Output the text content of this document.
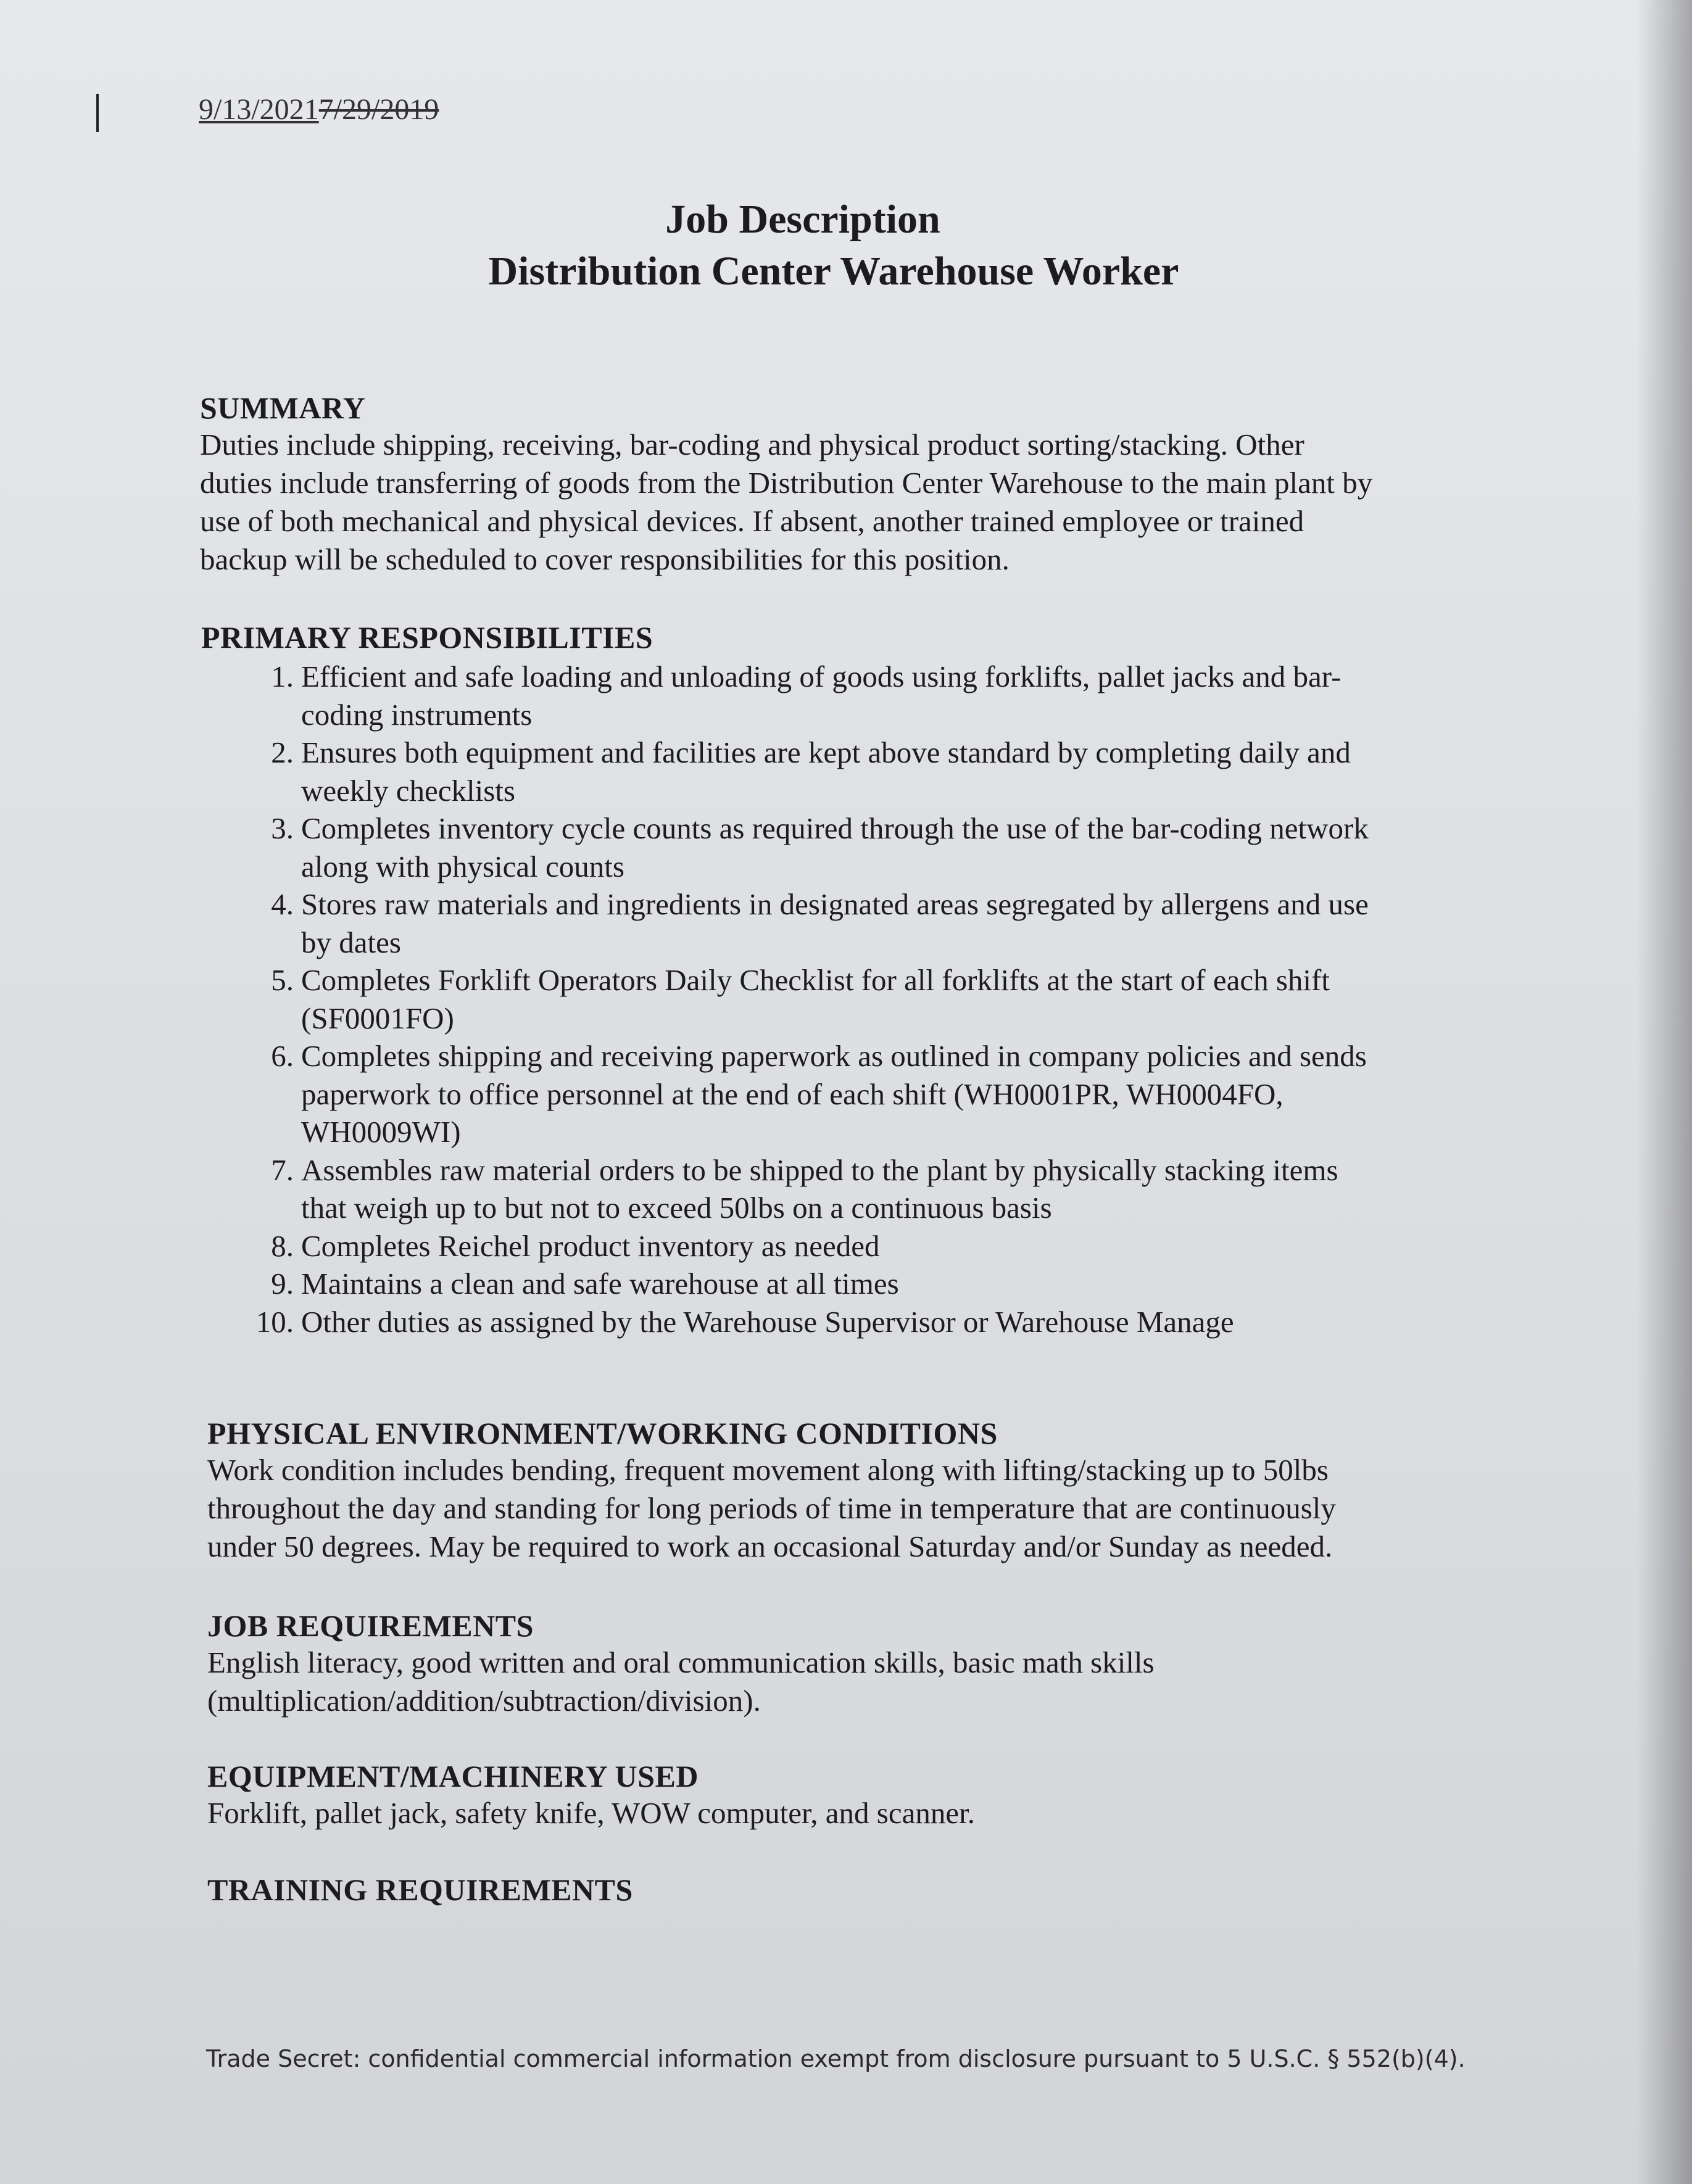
9/13/20217/29/2019
Job Description
Distribution Center Warehouse Worker
SUMMARY
Duties include shipping, receiving, bar-coding and physical product sorting/stacking. Other
duties include transferring of goods from the Distribution Center Warehouse to the main plant by
use of both mechanical and physical devices. If absent, another trained employee or trained
backup will be scheduled to cover responsibilities for this position.
PRIMARY RESPONSIBILITIES
1. Efficient and safe loading and unloading of goods using forklifts, pallet jacks and bar-
coding instruments
2. Ensures both equipment and facilities are kept above standard by completing daily and
weekly checklists
3. Completes inventory cycle counts as required through the use of the bar-coding network
along with physical counts
4. Stores raw materials and ingredients in designated areas segregated by allergens and use
by dates
5. Completes Forklift Operators Daily Checklist for all forklifts at the start of each shift
(SF0001FO)
6. Completes shipping and receiving paperwork as outlined in company policies and sends
paperwork to office personnel at the end of each shift (WH0001PR, WH0004FO,
WH0009WI)
7. Assembles raw material orders to be shipped to the plant by physically stacking items
that weigh up to but not to exceed 50lbs on a continuous basis
8. Completes Reichel product inventory as needed
9. Maintains a clean and safe warehouse at all times
10. Other duties as assigned by the Warehouse Supervisor or Warehouse Manage
PHYSICAL ENVIRONMENT/WORKING CONDITIONS
Work condition includes bending, frequent movement along with lifting/stacking up to 50lbs
throughout the day and standing for long periods of time in temperature that are continuously
under 50 degrees. May be required to work an occasional Saturday and/or Sunday as needed.
JOB REQUIREMENTS
English literacy, good written and oral communication skills, basic math skills
(multiplication/addition/subtraction/division).
EQUIPMENT/MACHINERY USED
Forklift, pallet jack, safety knife, WOW computer, and scanner.
TRAINING REQUIREMENTS
Trade Secret: confidential commercial information exempt from disclosure pursuant to 5 U.S.C. § 552(b)(4).
